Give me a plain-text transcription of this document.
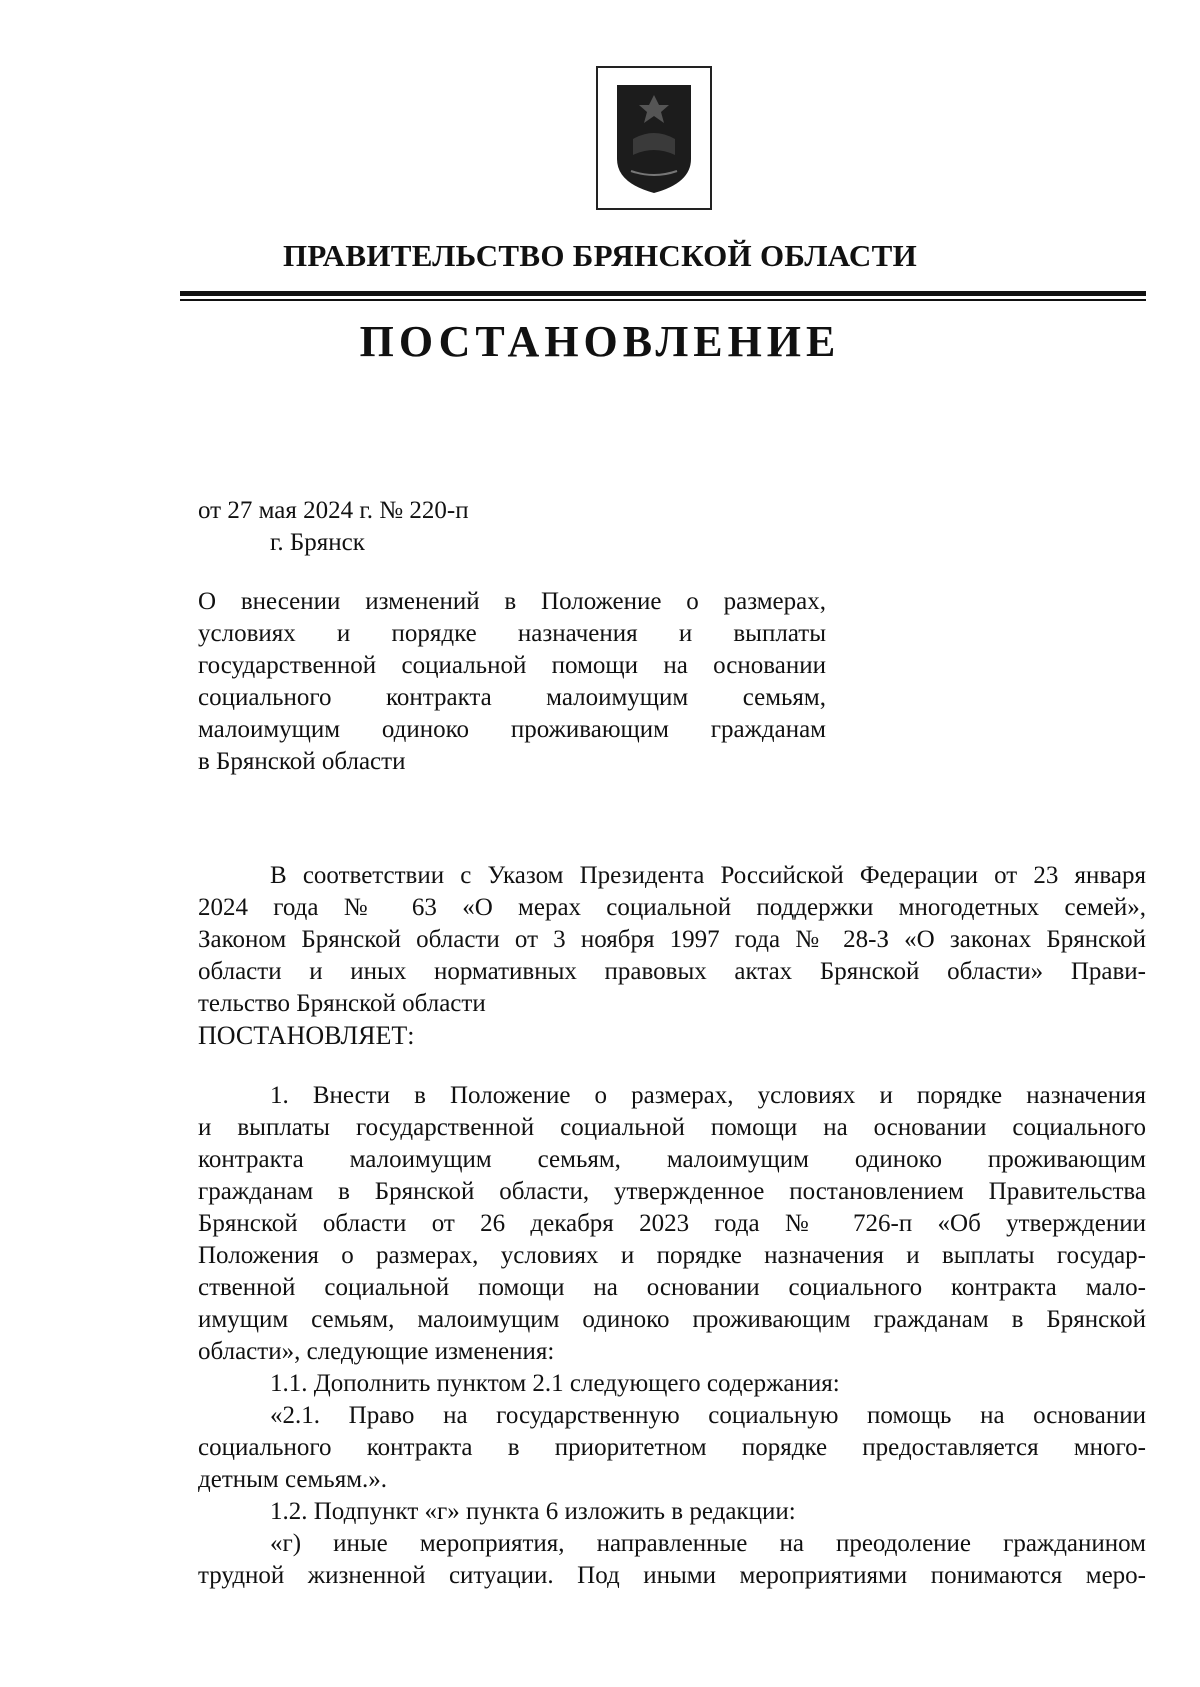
ПРАВИТЕЛЬСТВО БРЯНСКОЙ ОБЛАСТИ
ПОСТАНОВЛЕНИЕ
от 27 мая 2024 г. № 220-п
г. Брянск
О внесении изменений в Положение о размерах,
условиях и порядке назначения и выплаты
государственной социальной помощи на основании
социального контракта малоимущим семьям,
малоимущим одиноко проживающим гражданам
в Брянской области
В соответствии с Указом Президента Российской Федерации от 23 января
2024 года № 63 «О мерах социальной поддержки многодетных семей»,
Законом Брянской области от 3 ноября 1997 года № 28-З «О законах Брянской
области и иных нормативных правовых актах Брянской области» Прави-
тельство Брянской области
ПОСТАНОВЛЯЕТ:
1. Внести в Положение о размерах, условиях и порядке назначения
и выплаты государственной социальной помощи на основании социального
контракта малоимущим семьям, малоимущим одиноко проживающим
гражданам в Брянской области, утвержденное постановлением Правительства
Брянской области от 26 декабря 2023 года № 726-п «Об утверждении
Положения о размерах, условиях и порядке назначения и выплаты государ-
ственной социальной помощи на основании социального контракта мало-
имущим семьям, малоимущим одиноко проживающим гражданам в Брянской
области», следующие изменения:
1.1. Дополнить пунктом 2.1 следующего содержания:
«2.1. Право на государственную социальную помощь на основании
социального контракта в приоритетном порядке предоставляется много-
детным семьям.».
1.2. Подпункт «г» пункта 6 изложить в редакции:
«г) иные мероприятия, направленные на преодоление гражданином
трудной жизненной ситуации. Под иными мероприятиями понимаются меро-
